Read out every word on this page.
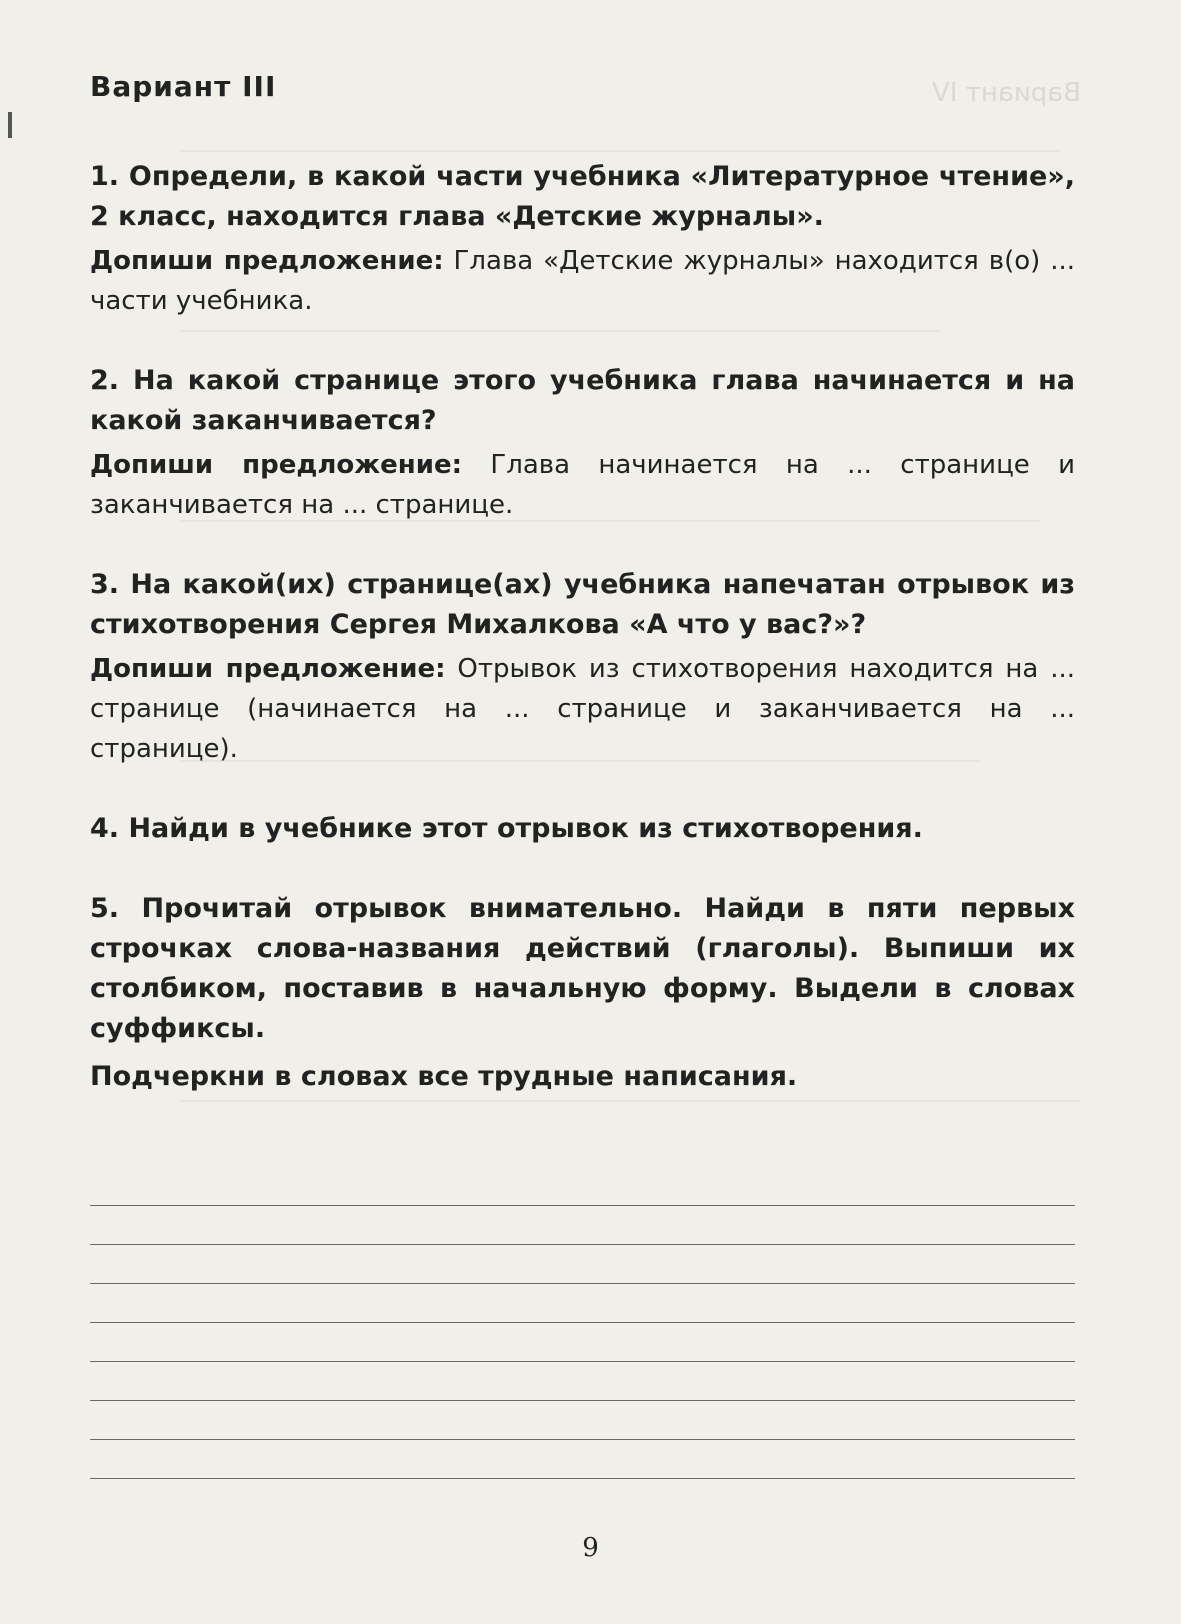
Вариант IV
Вариант III
1. Определи, в какой части учебника «Литературное чтение», 2 класс, находится глава «Детские журналы».
Допиши предложение: Глава «Детские журналы» находится в(о) ... части учебника.
2. На какой странице этого учебника глава начинается и на какой заканчивается?
Допиши предложение: Глава начинается на ... странице и заканчивается на ... странице.
3. На какой(их) странице(ах) учебника напечатан отрывок из стихотворения Сергея Михалкова «А что у вас?»?
Допиши предложение: Отрывок из стихотворения находится на ... странице (начинается на ... странице и заканчивается на ... странице).
4. Найди в учебнике этот отрывок из стихотворения.
5. Прочитай отрывок внимательно. Найди в пяти первых строчках слова-названия действий (глаголы). Выпиши их столбиком, поставив в начальную форму. Выдели в словах суффиксы.
Подчеркни в словах все трудные написания.
9
